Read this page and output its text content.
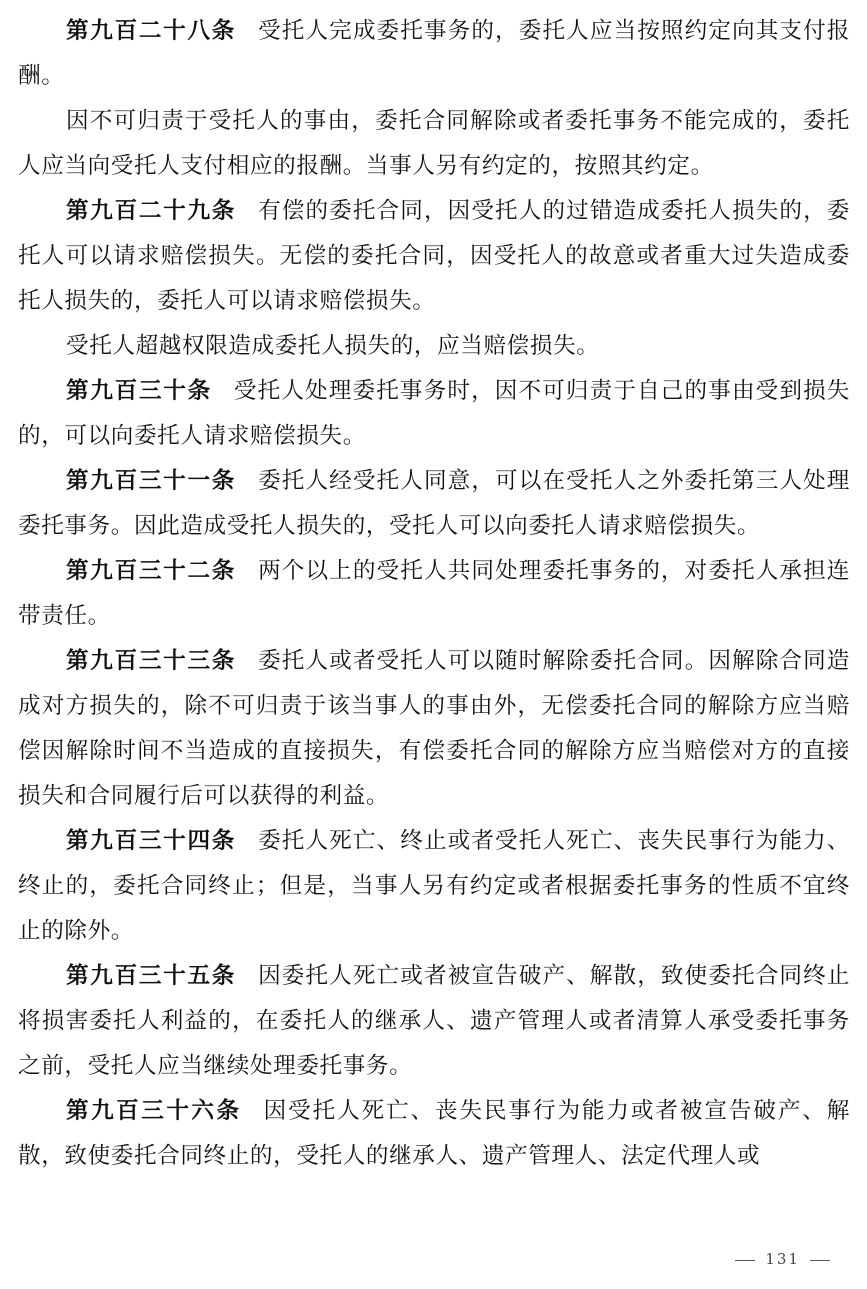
第九百二十八条 受托人完成委托事务的，委托人应当按照约定向其支付报酬。

因不可归责于受托人的事由，委托合同解除或者委托事务不能完成的，委托人应当向受托人支付相应的报酬。当事人另有约定的，按照其约定。

第九百二十九条 有偿的委托合同，因受托人的过错造成委托人损失的，委托人可以请求赔偿损失。无偿的委托合同，因受托人的故意或者重大过失造成委托人损失的，委托人可以请求赔偿损失。

受托人超越权限造成委托人损失的，应当赔偿损失。

第九百三十条 受托人处理委托事务时，因不可归责于自己的事由受到损失的，可以向委托人请求赔偿损失。

第九百三十一条 委托人经受托人同意，可以在受托人之外委托第三人处理委托事务。因此造成受托人损失的，受托人可以向委托人请求赔偿损失。

第九百三十二条 两个以上的受托人共同处理委托事务的，对委托人承担连带责任。

第九百三十三条 委托人或者受托人可以随时解除委托合同。因解除合同造成对方损失的，除不可归责于该当事人的事由外，无偿委托合同的解除方应当赔偿因解除时间不当造成的直接损失，有偿委托合同的解除方应当赔偿对方的直接损失和合同履行后可以获得的利益。

第九百三十四条 委托人死亡、终止或者受托人死亡、丧失民事行为能力、终止的，委托合同终止；但是，当事人另有约定或者根据委托事务的性质不宜终止的除外。

第九百三十五条 因委托人死亡或者被宣告破产、解散，致使委托合同终止将损害委托人利益的，在委托人的继承人、遗产管理人或者清算人承受委托事务之前，受托人应当继续处理委托事务。

第九百三十六条 因受托人死亡、丧失民事行为能力或者被宣告破产、解散，致使委托合同终止的，受托人的继承人、遗产管理人、法定代理人或

131
